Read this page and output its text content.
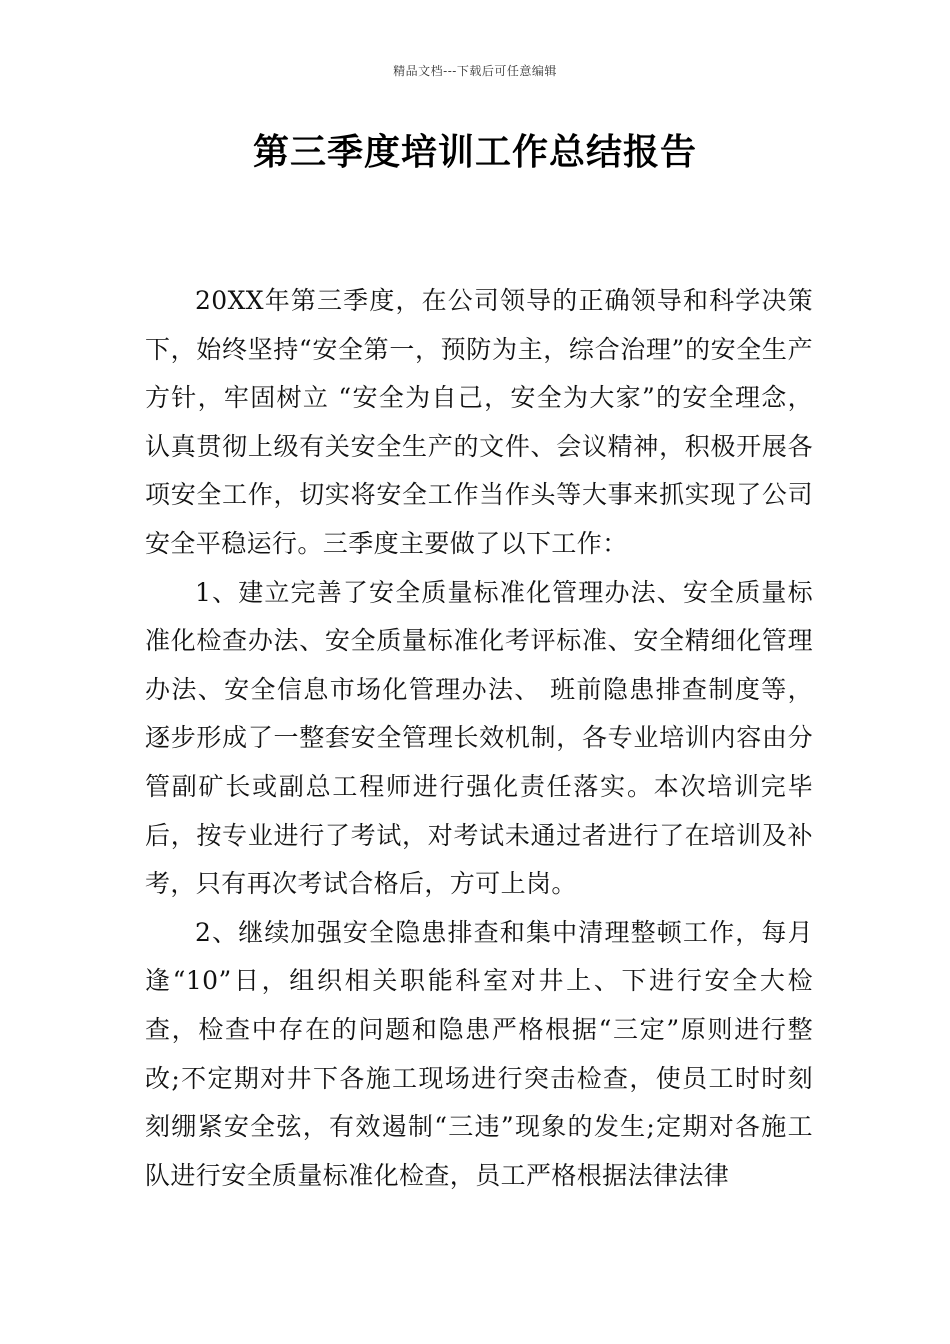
精品文档---下载后可任意编辑
第三季度培训工作总结报告

20XX年第三季度，在公司领导的正确领导和科学决策下，始终坚持“安全第一，预防为主，综合治理”的安全生产方针，牢固树立 “安全为自己，安全为大家”的安全理念，认真贯彻上级有关安全生产的文件、会议精神，积极开展各项安全工作，切实将安全工作当作头等大事来抓实现了公司安全平稳运行。三季度主要做了以下工作：

1、建立完善了安全质量标准化管理办法、安全质量标准化检查办法、安全质量标准化考评标准、安全精细化管理办法、安全信息市场化管理办法、 班前隐患排查制度等，逐步形成了一整套安全管理长效机制，各专业培训内容由分管副矿长或副总工程师进行强化责任落实。本次培训完毕后，按专业进行了考试，对考试未通过者进行了在培训及补考，只有再次考试合格后，方可上岗。

2、继续加强安全隐患排查和集中清理整顿工作，每月逢“10”日，组织相关职能科室对井上、下进行安全大检查，检查中存在的问题和隐患严格根据“三定”原则进行整改;不定期对井下各施工现场进行突击检查，使员工时时刻刻绷紧安全弦，有效遏制“三违”现象的发生;定期对各施工队进行安全质量标准化检查，员工严格根据法律法律
